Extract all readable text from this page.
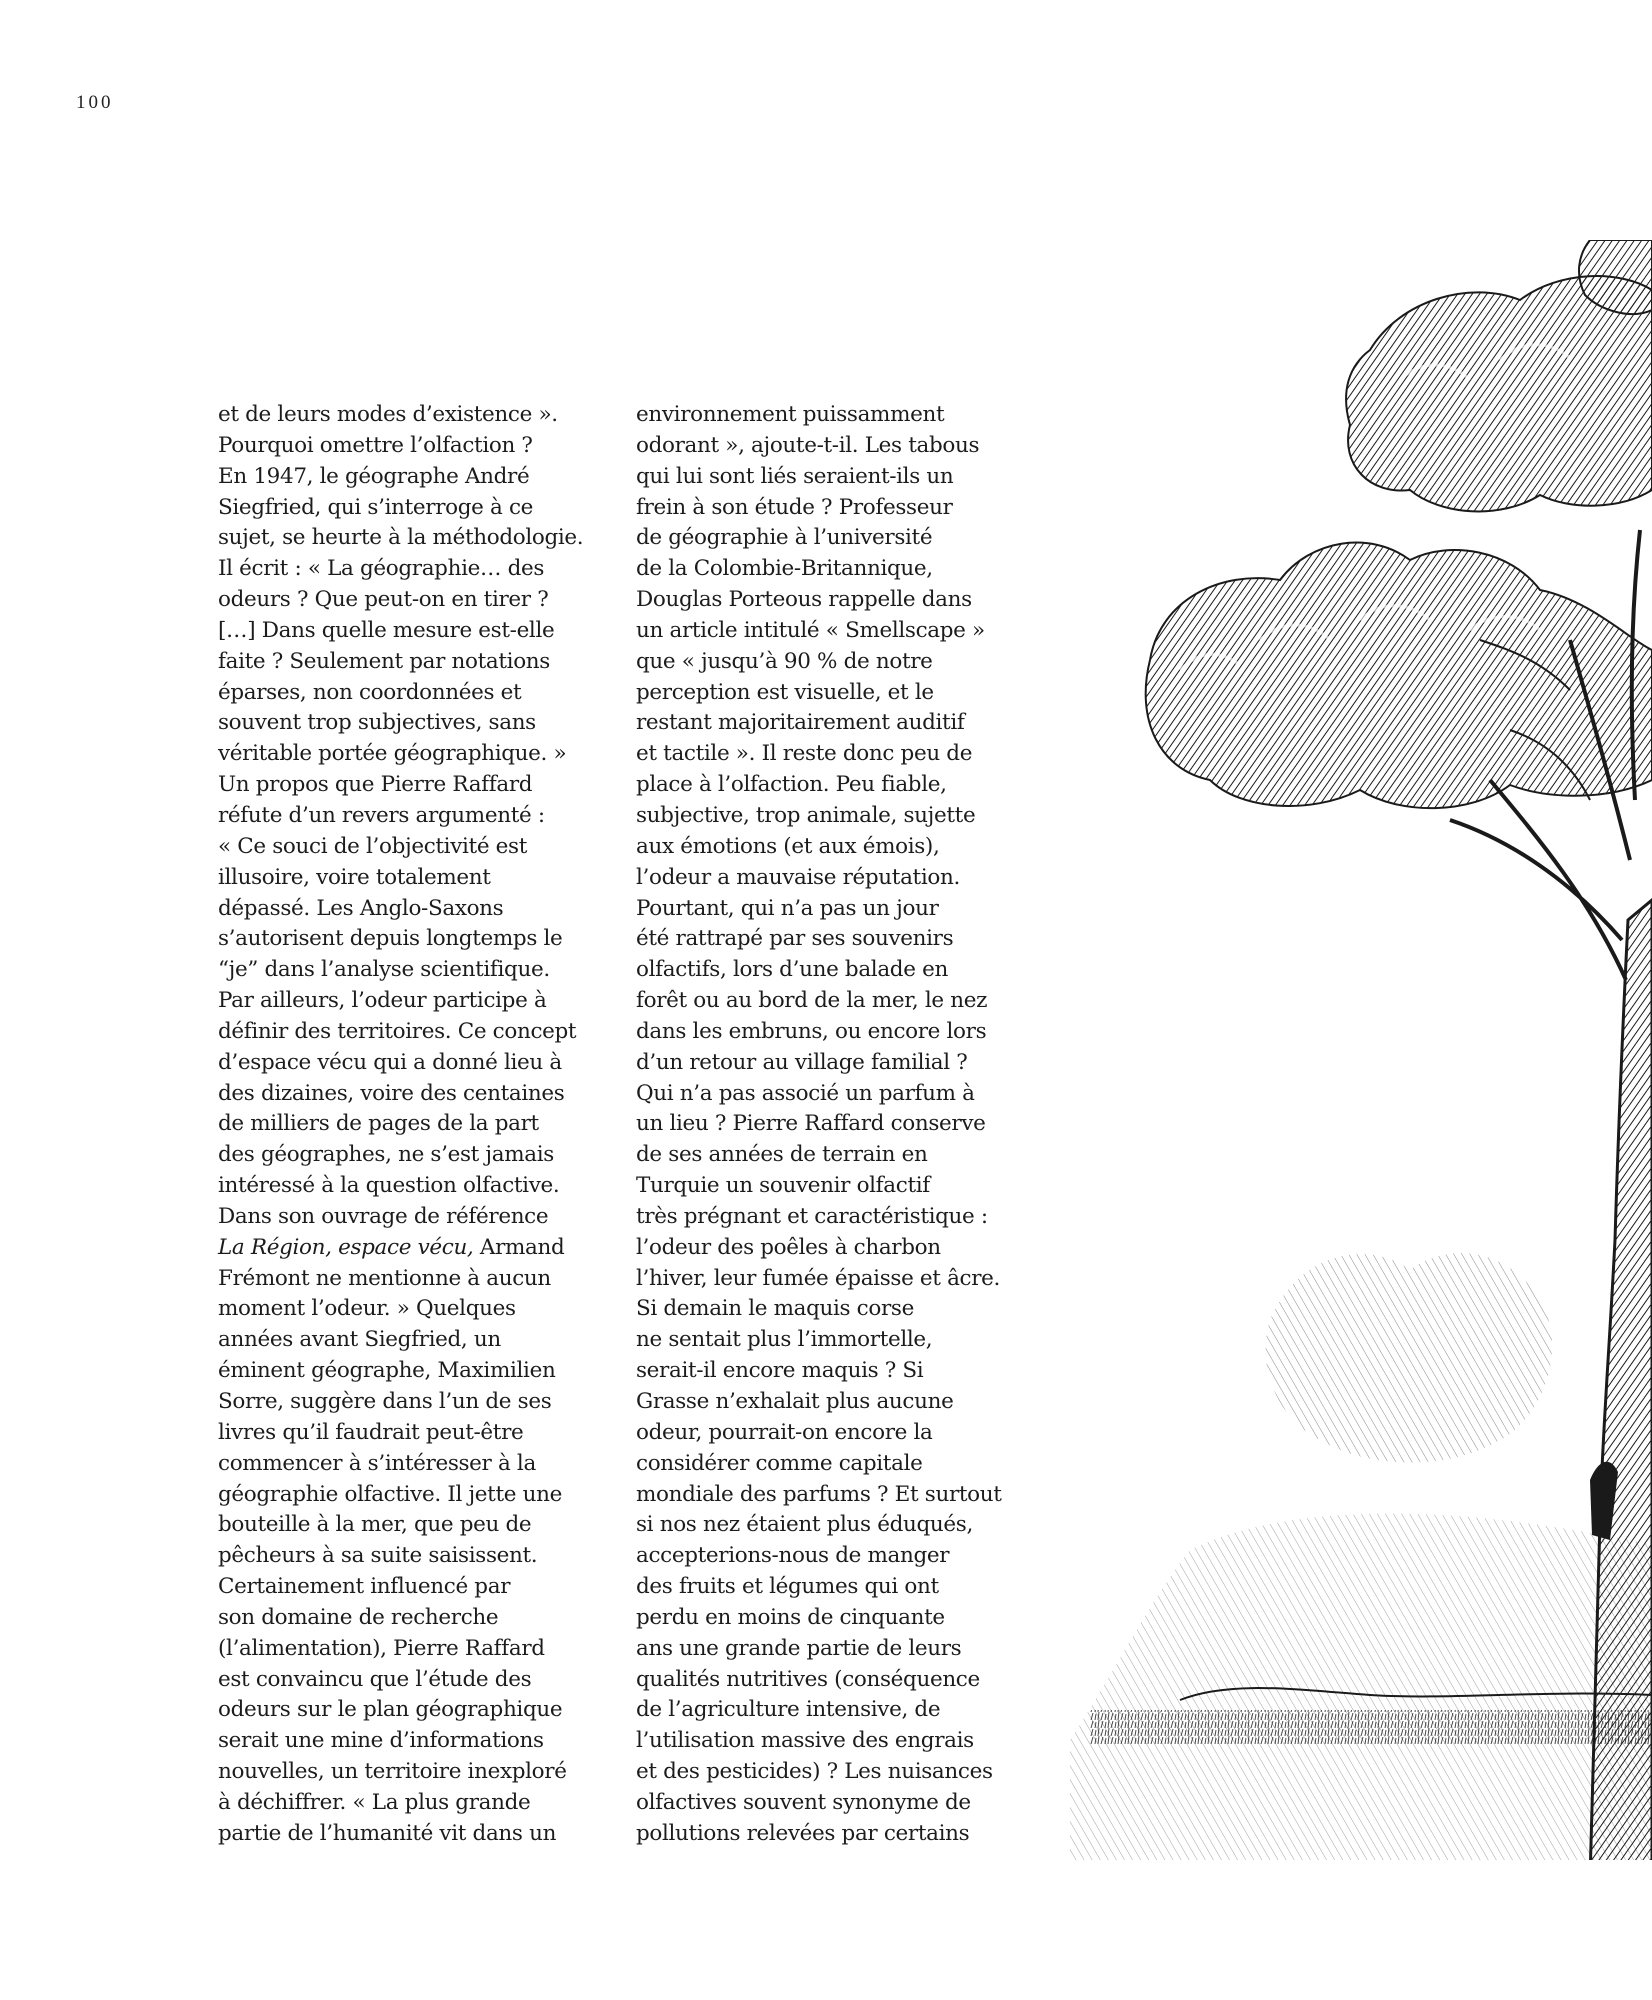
100
et de leurs modes d’existence ».
Pourquoi omettre l’olfaction ?
En 1947, le géographe André
Siegfried, qui s’interroge à ce
sujet, se heurte à la méthodologie.
Il écrit : « La géographie… des
odeurs ? Que peut-on en tirer ?
[…] Dans quelle mesure est-elle
faite ? Seulement par notations
éparses, non coordonnées et
souvent trop subjectives, sans
véritable portée géographique. »
Un propos que Pierre Raffard
réfute d’un revers argumenté :
« Ce souci de l’objectivité est
illusoire, voire totalement
dépassé. Les Anglo-Saxons
s’autorisent depuis longtemps le
“je” dans l’analyse scientifique.
Par ailleurs, l’odeur participe à
définir des territoires. Ce concept
d’espace vécu qui a donné lieu à
des dizaines, voire des centaines
de milliers de pages de la part
des géographes, ne s’est jamais
intéressé à la question olfactive.
Dans son ouvrage de référence
La Région, espace vécu, Armand
Frémont ne mentionne à aucun
moment l’odeur. » Quelques
années avant Siegfried, un
éminent géographe, Maximilien
Sorre, suggère dans l’un de ses
livres qu’il faudrait peut-être
commencer à s’intéresser à la
géographie olfactive. Il jette une
bouteille à la mer, que peu de
pêcheurs à sa suite saisissent.
Certainement influencé par
son domaine de recherche
(l’alimentation), Pierre Raffard
est convaincu que l’étude des
odeurs sur le plan géographique
serait une mine d’informations
nouvelles, un territoire inexploré
à déchiffrer. « La plus grande
partie de l’humanité vit dans un
environnement puissamment
odorant », ajoute-t-il. Les tabous
qui lui sont liés seraient-ils un
frein à son étude ? Professeur
de géographie à l’université
de la Colombie-Britannique,
Douglas Porteous rappelle dans
un article intitulé « Smellscape »
que « jusqu’à 90 % de notre
perception est visuelle, et le
restant majoritairement auditif
et tactile ». Il reste donc peu de
place à l’olfaction. Peu fiable,
subjective, trop animale, sujette
aux émotions (et aux émois),
l’odeur a mauvaise réputation.
Pourtant, qui n’a pas un jour
été rattrapé par ses souvenirs
olfactifs, lors d’une balade en
forêt ou au bord de la mer, le nez
dans les embruns, ou encore lors
d’un retour au village familial ?
Qui n’a pas associé un parfum à
un lieu ? Pierre Raffard conserve
de ses années de terrain en
Turquie un souvenir olfactif
très prégnant et caractéristique :
l’odeur des poêles à charbon
l’hiver, leur fumée épaisse et âcre.
Si demain le maquis corse
ne sentait plus l’immortelle,
serait-il encore maquis ? Si
Grasse n’exhalait plus aucune
odeur, pourrait-on encore la
considérer comme capitale
mondiale des parfums ? Et surtout
si nos nez étaient plus éduqués,
accepterions-nous de manger
des fruits et légumes qui ont
perdu en moins de cinquante
ans une grande partie de leurs
qualités nutritives (conséquence
de l’agriculture intensive, de
l’utilisation massive des engrais
et des pesticides) ? Les nuisances
olfactives souvent synonyme de
pollutions relevées par certains
